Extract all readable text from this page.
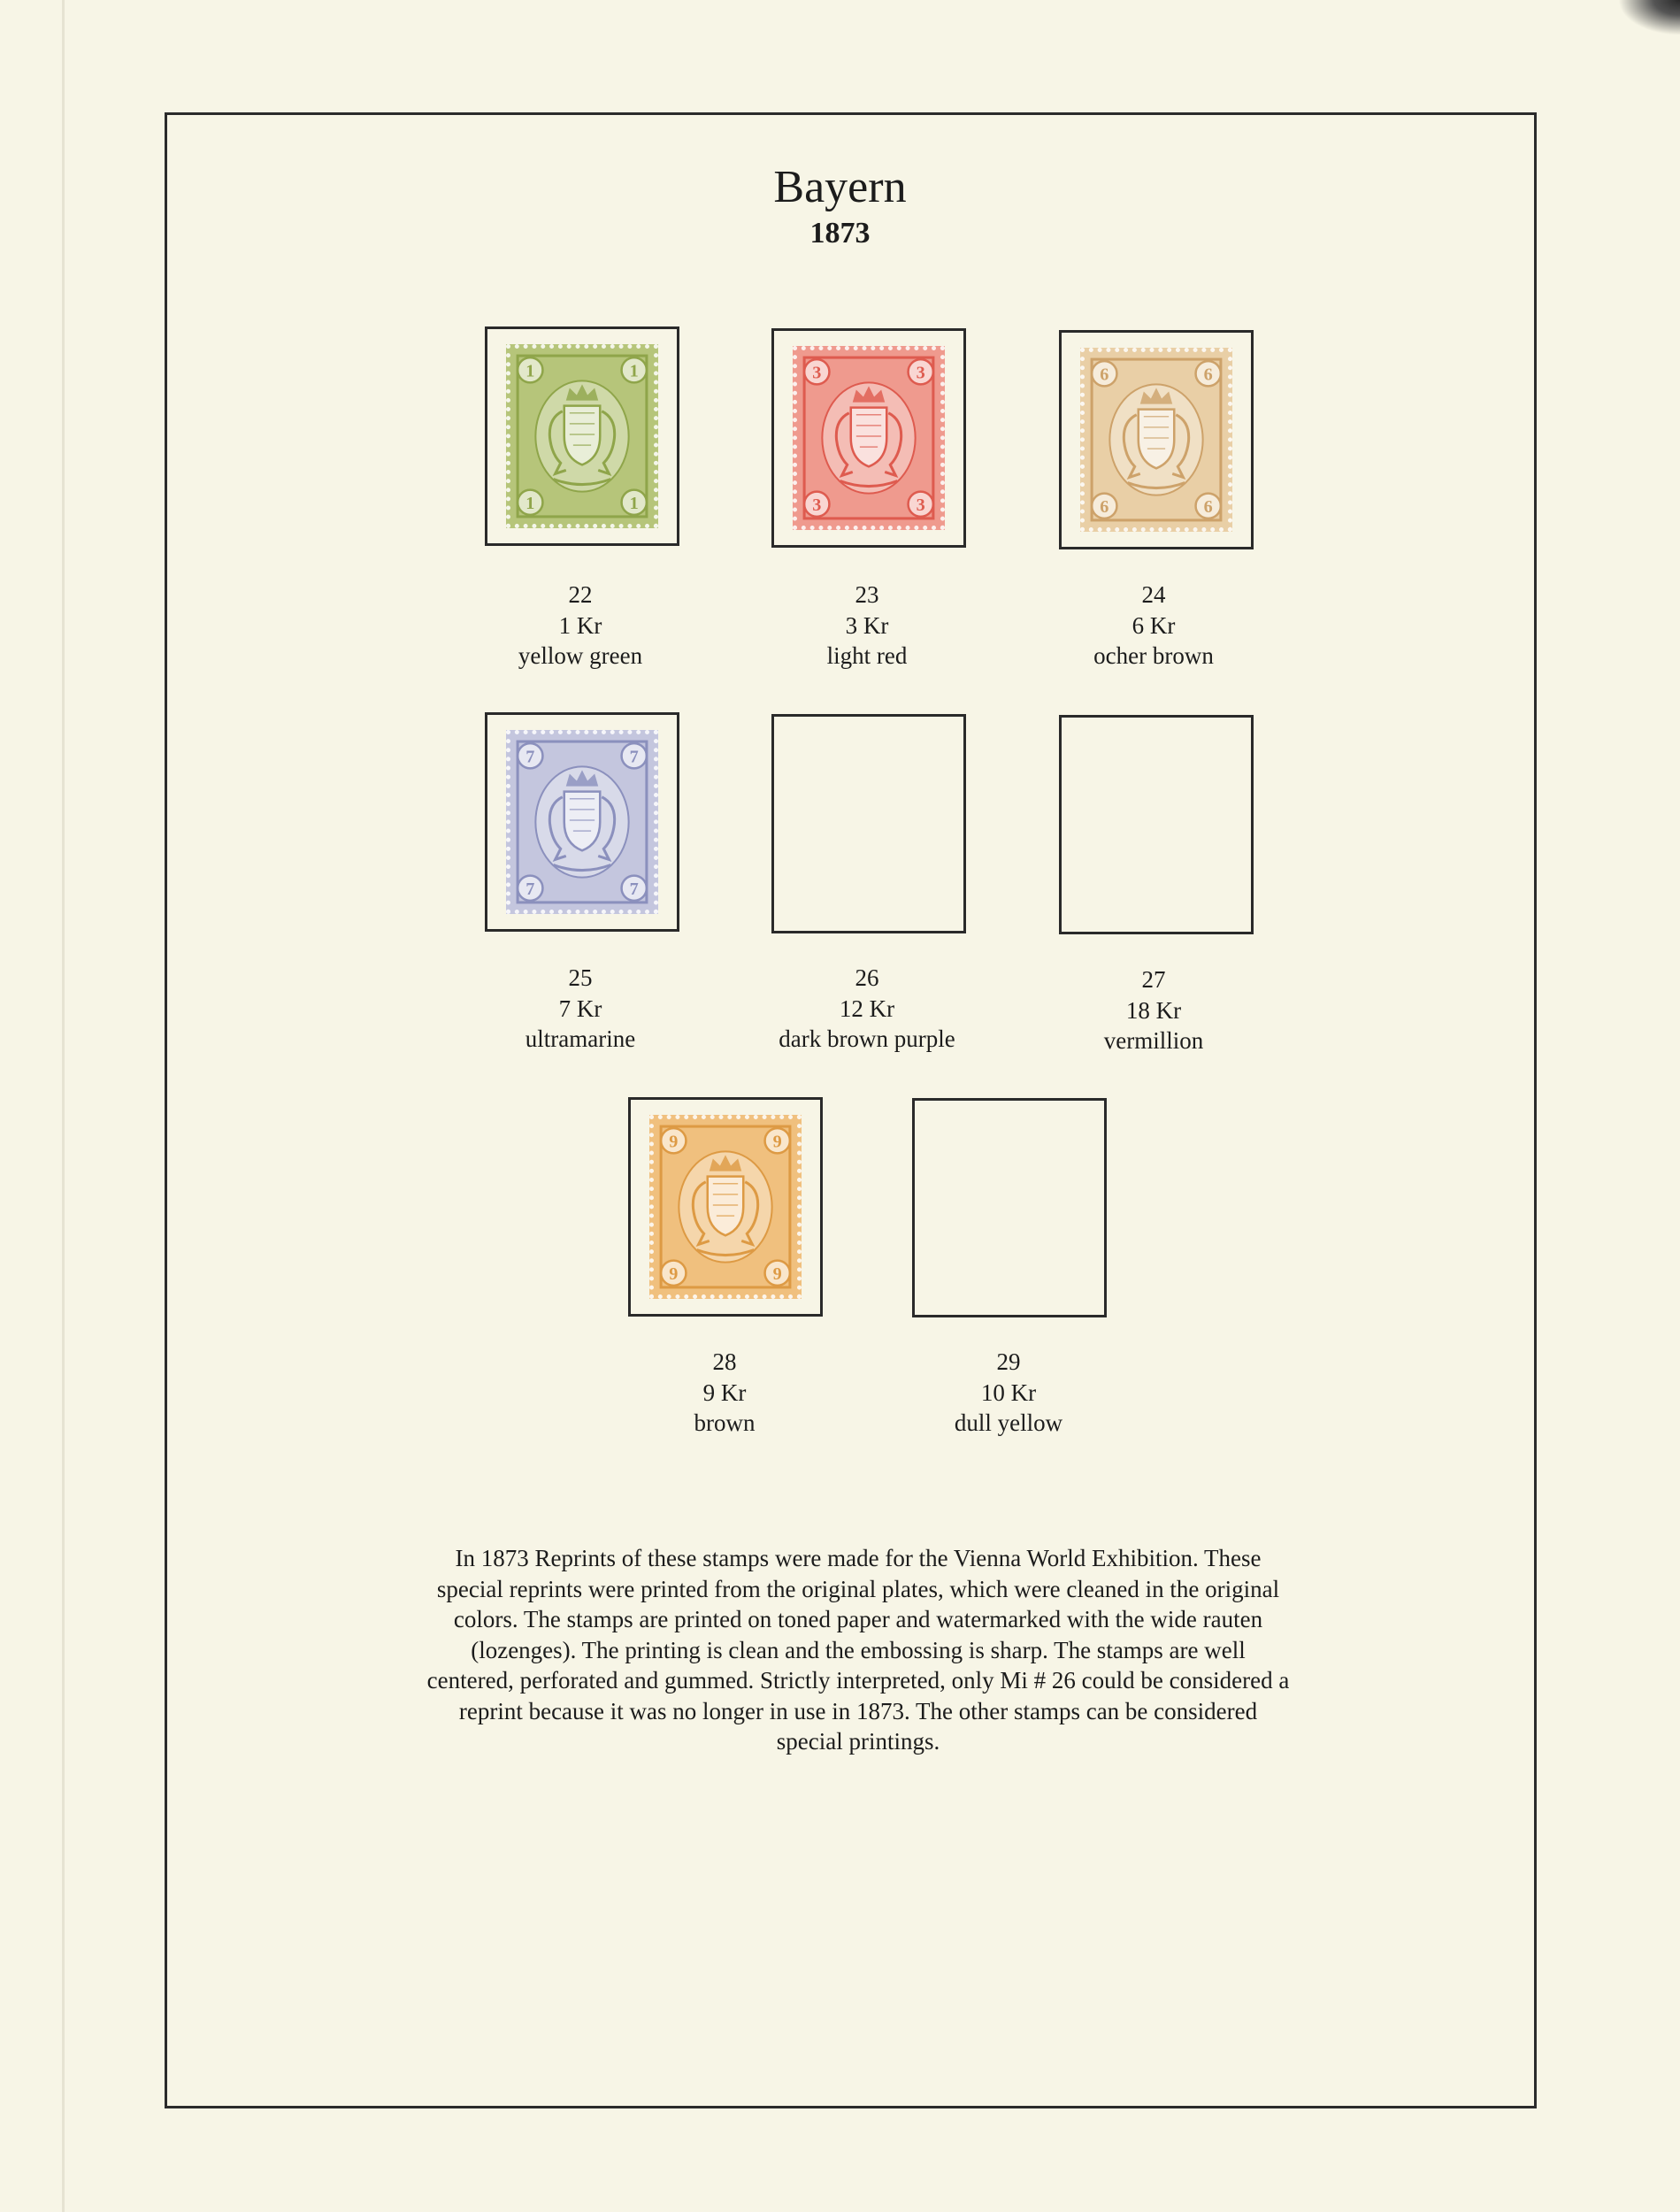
Bayern
1873
1	1
1	1
3	3
3	3
6	6
6	6
7	7
7	7
9	9
9	9
22
1 Kr
yellow green
23
3 Kr
light red
24
6 Kr
ocher brown
25
7 Kr
ultramarine
26
12 Kr
dark brown purple
27
18 Kr
vermillion
28
9 Kr
brown
29
10 Kr
dull yellow
In 1873 Reprints of these stamps were made for the Vienna World Exhibition. These
special reprints were printed from the original plates, which were cleaned in the original
colors. The stamps are printed on toned paper and watermarked with the wide rauten
(lozenges). The printing is clean and the embossing is sharp. The stamps are well
centered, perforated and gummed. Strictly interpreted, only Mi # 26 could be considered a
reprint because it was no longer in use in 1873. The other stamps can be considered
special printings.
